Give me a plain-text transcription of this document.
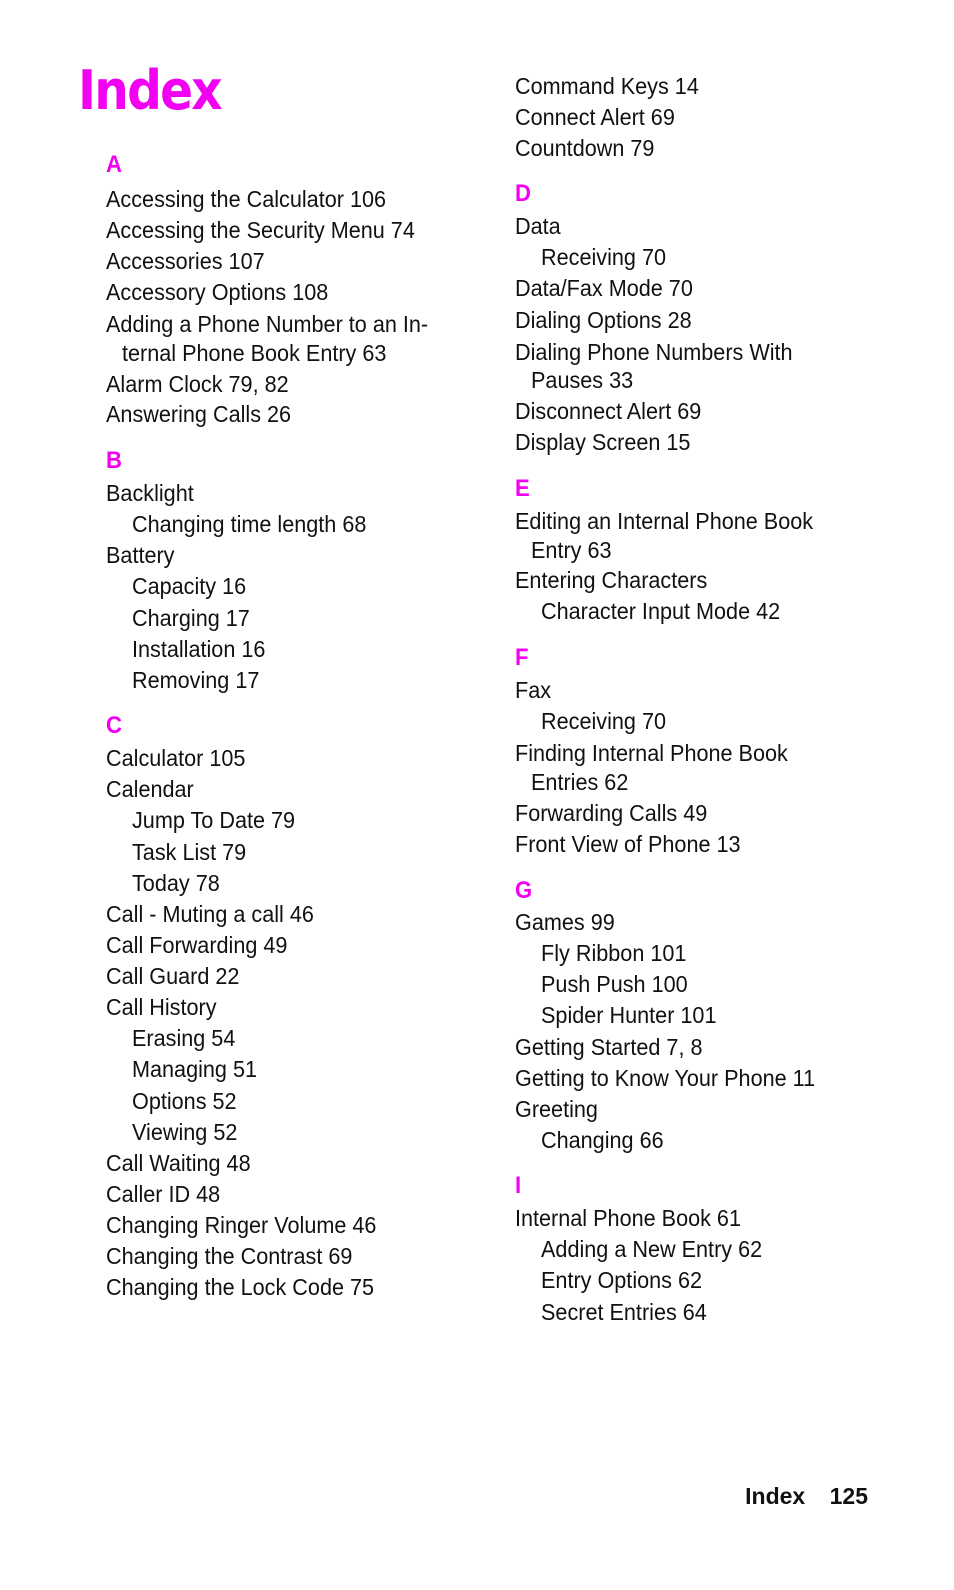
Index
A
Accessing the Calculator 106
Accessing the Security Menu 74
Accessories 107
Accessory Options 108
Adding a Phone Number to an In-
ternal Phone Book Entry 63
Alarm Clock 79, 82
Answering Calls 26
B
Backlight
Changing time length 68
Battery
Capacity 16
Charging 17
Installation 16
Removing 17
C
Calculator 105
Calendar
Jump To Date 79
Task List 79
Today 78
Call - Muting a call 46
Call Forwarding 49
Call Guard 22
Call History
Erasing 54
Managing 51
Options 52
Viewing 52
Call Waiting 48
Caller ID 48
Changing Ringer Volume 46
Changing the Contrast 69
Changing the Lock Code 75
Command Keys 14
Connect Alert 69
Countdown 79
D
Data
Receiving 70
Data/Fax Mode 70
Dialing Options 28
Dialing Phone Numbers With
Pauses 33
Disconnect Alert 69
Display Screen 15
E
Editing an Internal Phone Book
Entry 63
Entering Characters
Character Input Mode 42
F
Fax
Receiving 70
Finding Internal Phone Book
Entries 62
Forwarding Calls 49
Front View of Phone 13
G
Games 99
Fly Ribbon 101
Push Push 100
Spider Hunter 101
Getting Started 7, 8
Getting to Know Your Phone 11
Greeting
Changing 66
I
Internal Phone Book 61
Adding a New Entry 62
Entry Options 62
Secret Entries 64
Index 125
